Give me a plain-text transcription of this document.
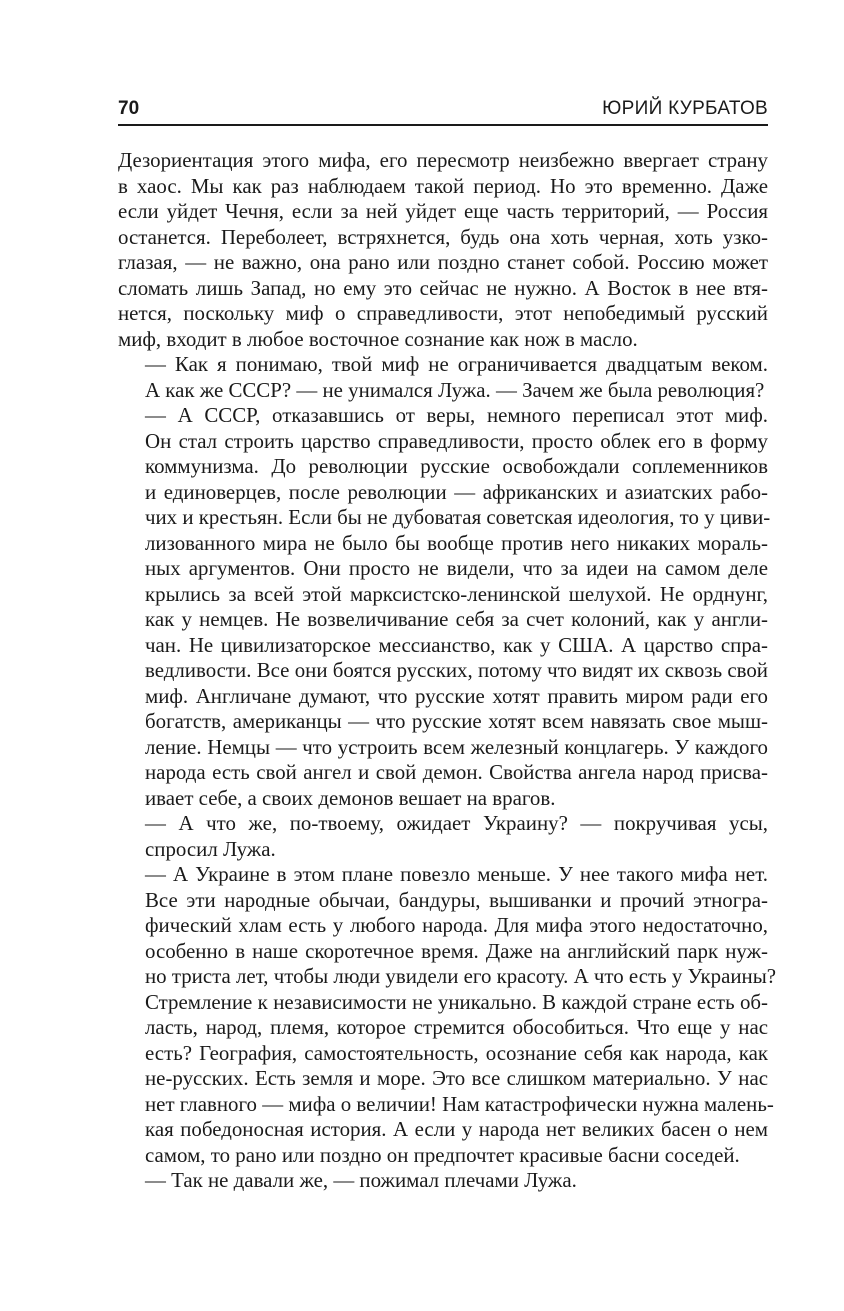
70	ЮРИЙ КУРБАТОВ

Дезориентация этого мифа, его пересмотр неизбежно ввергает страну
в хаос. Мы как раз наблюдаем такой период. Но это временно. Даже
если уйдет Чечня, если за ней уйдет еще часть территорий, — Россия
останется. Переболеет, встряхнется, будь она хоть черная, хоть узко-
глазая, — не важно, она рано или поздно станет собой. Россию может
сломать лишь Запад, но ему это сейчас не нужно. А Восток в нее втя-
нется, поскольку миф о справедливости, этот непобедимый русский
миф, входит в любое восточное сознание как нож в масло.

— Как я понимаю, твой миф не ограничивается двадцатым веком.
А как же СССР? — не унимался Лужа. — Зачем же была революция?

— А СССР, отказавшись от веры, немного переписал этот миф.
Он стал строить царство справедливости, просто облек его в форму
коммунизма. До революции русские освобождали соплеменников
и единоверцев, после революции — африканских и азиатских рабо-
чих и крестьян. Если бы не дубоватая советская идеология, то у циви-
лизованного мира не было бы вообще против него никаких мораль-
ных аргументов. Они просто не видели, что за идеи на самом деле
крылись за всей этой марксистско-ленинской шелухой. Не орднунг,
как у немцев. Не возвеличивание себя за счет колоний, как у англи-
чан. Не цивилизаторское мессианство, как у США. А царство спра-
ведливости. Все они боятся русских, потому что видят их сквозь свой
миф. Англичане думают, что русские хотят править миром ради его
богатств, американцы — что русские хотят всем навязать свое мыш-
ление. Немцы — что устроить всем железный концлагерь. У каждого
народа есть свой ангел и свой демон. Свойства ангела народ присва-
ивает себе, а своих демонов вешает на врагов.

— А что же, по-твоему, ожидает Украину? — покручивая усы,
спросил Лужа.

— А Украине в этом плане повезло меньше. У нее такого мифа нет.
Все эти народные обычаи, бандуры, вышиванки и прочий этногра-
фический хлам есть у любого народа. Для мифа этого недостаточно,
особенно в наше скоротечное время. Даже на английский парк нуж-
но триста лет, чтобы люди увидели его красоту. А что есть у Украины?
Стремление к независимости не уникально. В каждой стране есть об-
ласть, народ, племя, которое стремится обособиться. Что еще у нас
есть? География, самостоятельность, осознание себя как народа, как
не-русских. Есть земля и море. Это все слишком материально. У нас
нет главного — мифа о величии! Нам катастрофически нужна малень-
кая победоносная история. А если у народа нет великих басен о нем
самом, то рано или поздно он предпочтет красивые басни соседей.

— Так не давали же, — пожимал плечами Лужа.
